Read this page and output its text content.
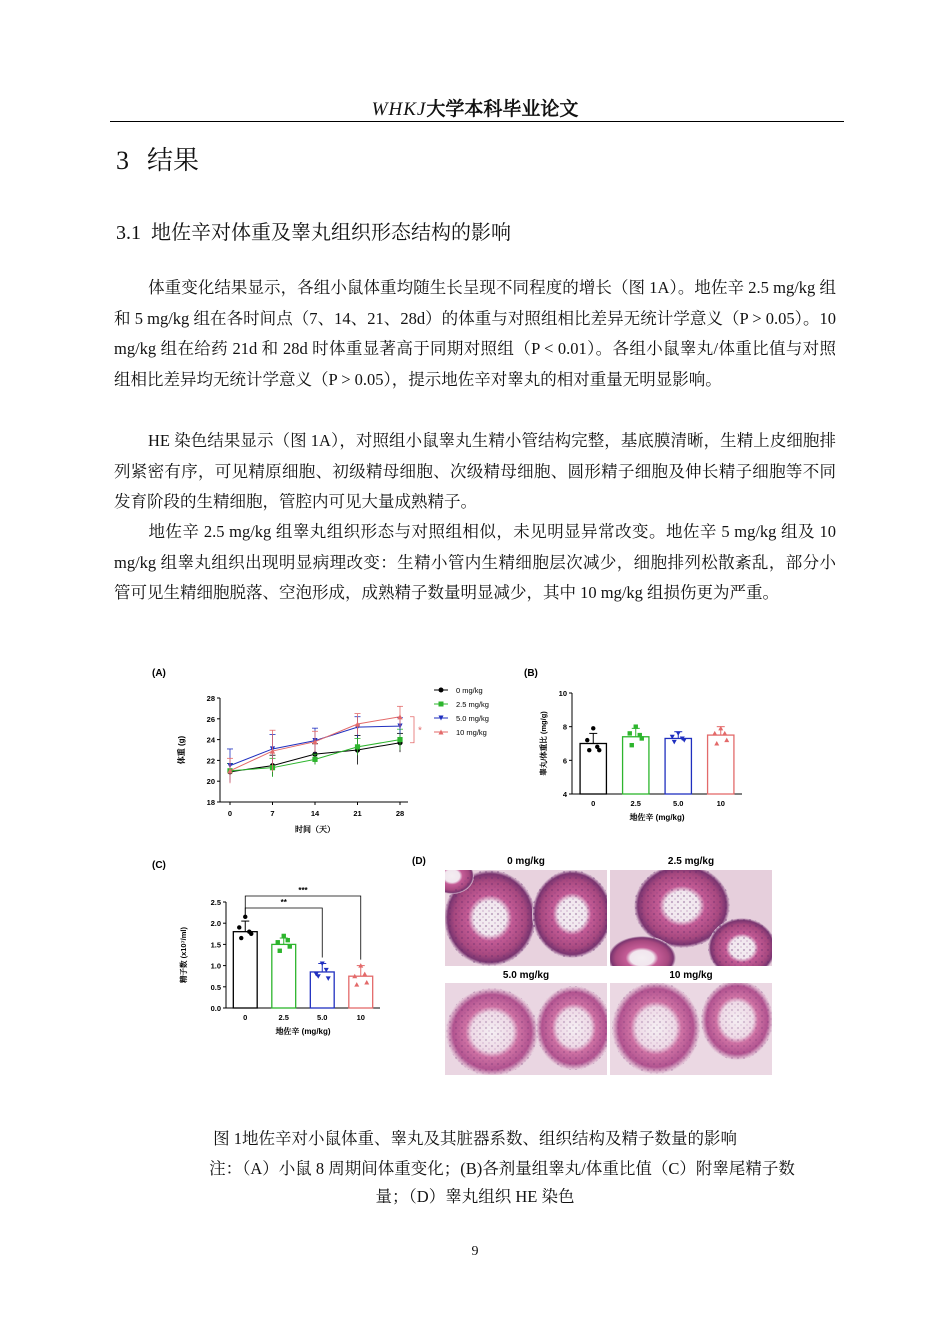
WHKJ大学本科毕业论文
3 结果
3.1 地佐辛对体重及睾丸组织形态结构的影响

体重变化结果显示，各组小鼠体重均随生长呈现不同程度的增长（图 1A）。地佐辛 2.5 mg/kg 组和 5 mg/kg 组在各时间点（7、14、21、28d）的体重与对照组相比差异无统计学意义（P > 0.05）。10 mg/kg 组在给药 21d 和 28d 时体重显著高于同期对照组（P < 0.01）。各组小鼠睾丸/体重比值与对照组相比差异均无统计学意义（P > 0.05），提示地佐辛对睾丸的相对重量无明显影响。

HE 染色结果显示（图 1A），对照组小鼠睾丸生精小管结构完整，基底膜清晰，生精上皮细胞排列紧密有序，可见精原细胞、初级精母细胞、次级精母细胞、圆形精子细胞及伸长精子细胞等不同发育阶段的生精细胞，管腔内可见大量成熟精子。

地佐辛 2.5 mg/kg 组睾丸组织形态与对照组相似，未见明显异常改变。地佐辛 5 mg/kg 组及 10 mg/kg 组睾丸组织出现明显病理改变：生精小管内生精细胞层次减少，细胞排列松散紊乱，部分小管可见生精细胞脱落、空泡形成，成熟精子数量明显减少，其中 10 mg/kg 组损伤更为严重。

(A)
18
20
22
24
26
28
0	7	14	21	28
时间（天）
体重 (g)
0 mg/kg
2.5 mg/kg
5.0 mg/kg
10 mg/kg
*
(B)
4
6
8
10
0	2.5	5.0	10
地佐辛 (mg/kg)
睾丸/体重比 (mg/g)
(C)
0.0
0.5
1.0
1.5
2.0
2.5
0	2.5	5.0	10
地佐辛 (mg/kg)
精子数 (x10⁷/ml)
**
***
(D)	0 mg/kg	2.5 mg/kg
5.0 mg/kg	10 mg/kg
图 1地佐辛对小鼠体重、睾丸及其脏器系数、组织结构及精子数量的影响
注：（A）小鼠 8 周期间体重变化；(B)各剂量组睾丸/体重比值（C）附睾尾精子数
量；（D）睾丸组织 HE 染色
9
